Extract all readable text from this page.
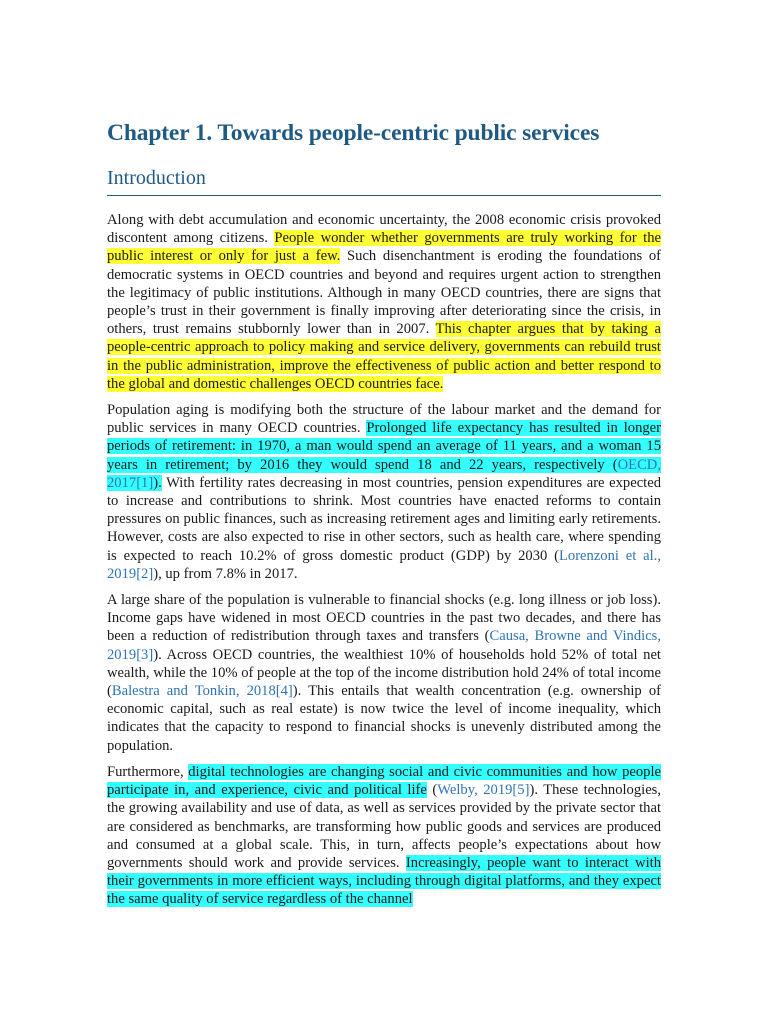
Chapter 1. Towards people-centric public services
Introduction

Along with debt accumulation and economic uncertainty, the 2008 economic crisis provoked discontent among citizens. People wonder whether governments are truly working for the public interest or only for just a few. Such disenchantment is eroding the foundations of democratic systems in OECD countries and beyond and requires urgent action to strengthen the legitimacy of public institutions. Although in many OECD countries, there are signs that people’s trust in their government is finally improving after deteriorating since the crisis, in others, trust remains stubbornly lower than in 2007. This chapter argues that by taking a people-centric approach to policy making and service delivery, governments can rebuild trust in the public administration, improve the effectiveness of public action and better respond to the global and domestic challenges OECD countries face.

Population aging is modifying both the structure of the labour market and the demand for public services in many OECD countries. Prolonged life expectancy has resulted in longer periods of retirement: in 1970, a man would spend an average of 11 years, and a woman 15 years in retirement; by 2016 they would spend 18 and 22 years, respectively (OECD, 2017[1]). With fertility rates decreasing in most countries, pension expenditures are expected to increase and contributions to shrink. Most countries have enacted reforms to contain pressures on public finances, such as increasing retirement ages and limiting early retirements. However, costs are also expected to rise in other sectors, such as health care, where spending is expected to reach 10.2% of gross domestic product (GDP) by 2030 (Lorenzoni et al., 2019[2]), up from 7.8% in 2017.

A large share of the population is vulnerable to financial shocks (e.g. long illness or job loss). Income gaps have widened in most OECD countries in the past two decades, and there has been a reduction of redistribution through taxes and transfers (Causa, Browne and Vindics, 2019[3]). Across OECD countries, the wealthiest 10% of households hold 52% of total net wealth, while the 10% of people at the top of the income distribution hold 24% of total income (Balestra and Tonkin, 2018[4]). This entails that wealth concentration (e.g. ownership of economic capital, such as real estate) is now twice the level of income inequality, which indicates that the capacity to respond to financial shocks is unevenly distributed among the population.

Furthermore, digital technologies are changing social and civic communities and how people participate in, and experience, civic and political life (Welby, 2019[5]). These technologies, the growing availability and use of data, as well as services provided by the private sector that are considered as benchmarks, are transforming how public goods and services are produced and consumed at a global scale. This, in turn, affects people’s expectations about how governments should work and provide services. Increasingly, people want to interact with their governments in more efficient ways, including through digital platforms, and they expect the same quality of service regardless of the channel
